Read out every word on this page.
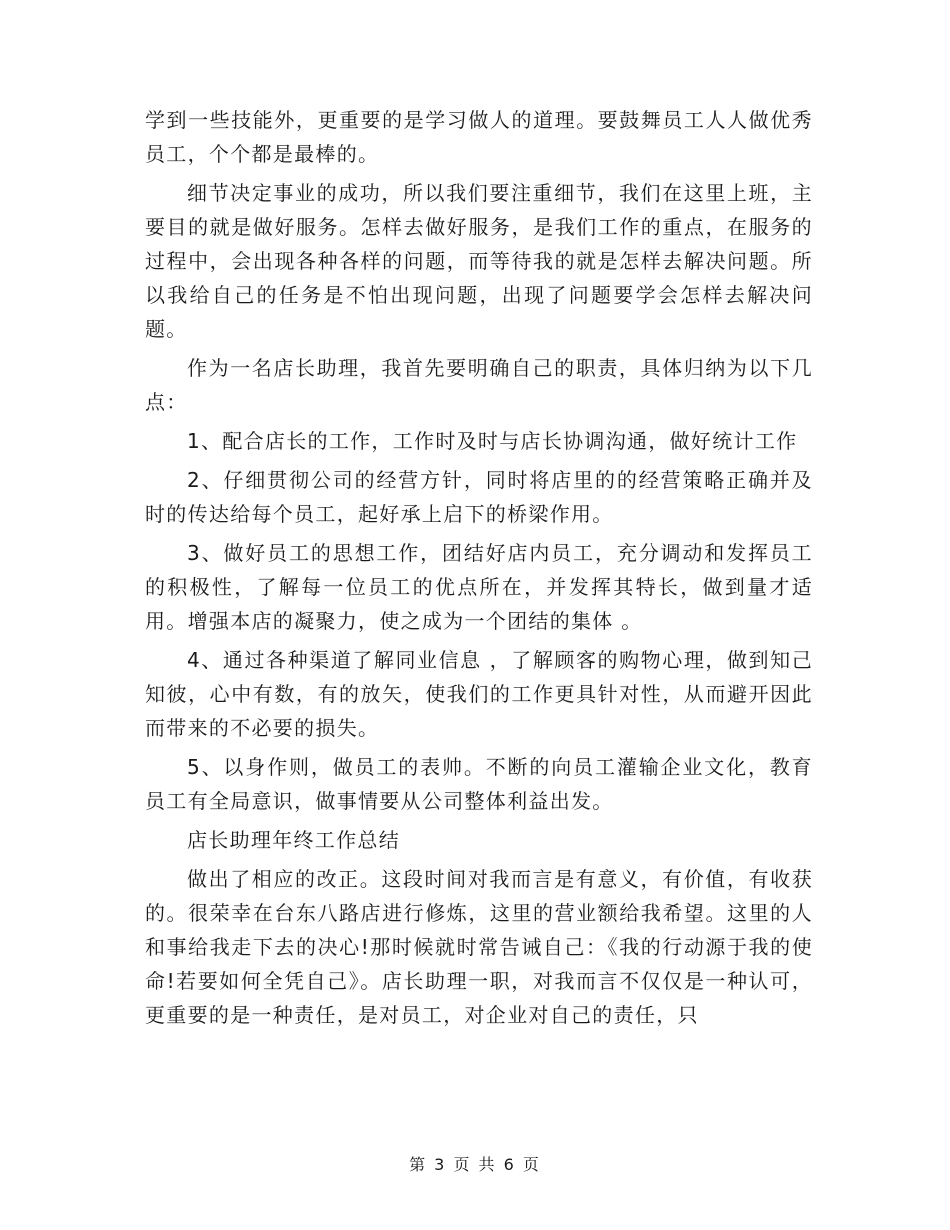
学到一些技能外，更重要的是学习做人的道理。要鼓舞员工人人做优秀员工，个个都是最棒的。

细节决定事业的成功，所以我们要注重细节，我们在这里上班，主要目的就是做好服务。怎样去做好服务，是我们工作的重点，在服务的过程中，会出现各种各样的问题，而等待我的就是怎样去解决问题。所以我给自己的任务是不怕出现问题，出现了问题要学会怎样去解决问题。

作为一名店长助理，我首先要明确自己的职责，具体归纳为以下几点：

1、配合店长的工作，工作时及时与店长协调沟通，做好统计工作

2、仔细贯彻公司的经营方针，同时将店里的的经营策略正确并及时的传达给每个员工，起好承上启下的桥梁作用。

3、做好员工的思想工作，团结好店内员工，充分调动和发挥员工的积极性，了解每一位员工的优点所在，并发挥其特长，做到量才适用。增强本店的凝聚力，使之成为一个团结的集体 。

4、通过各种渠道了解同业信息 ，了解顾客的购物心理，做到知己知彼，心中有数，有的放矢，使我们的工作更具针对性，从而避开因此而带来的不必要的损失。

5、以身作则，做员工的表帅。不断的向员工灌输企业文化，教育员工有全局意识，做事情要从公司整体利益出发。

店长助理年终工作总结

做出了相应的改正。这段时间对我而言是有意义，有价值，有收获的。很荣幸在台东八路店进行修炼，这里的营业额给我希望。这里的人和事给我走下去的决心!那时候就时常告诫自己：《我的行动源于我的使命!若要如何全凭自己》。店长助理一职，对我而言不仅仅是一种认可，更重要的是一种责任，是对员工，对企业对自己的责任，只

第 3 页 共 6 页
